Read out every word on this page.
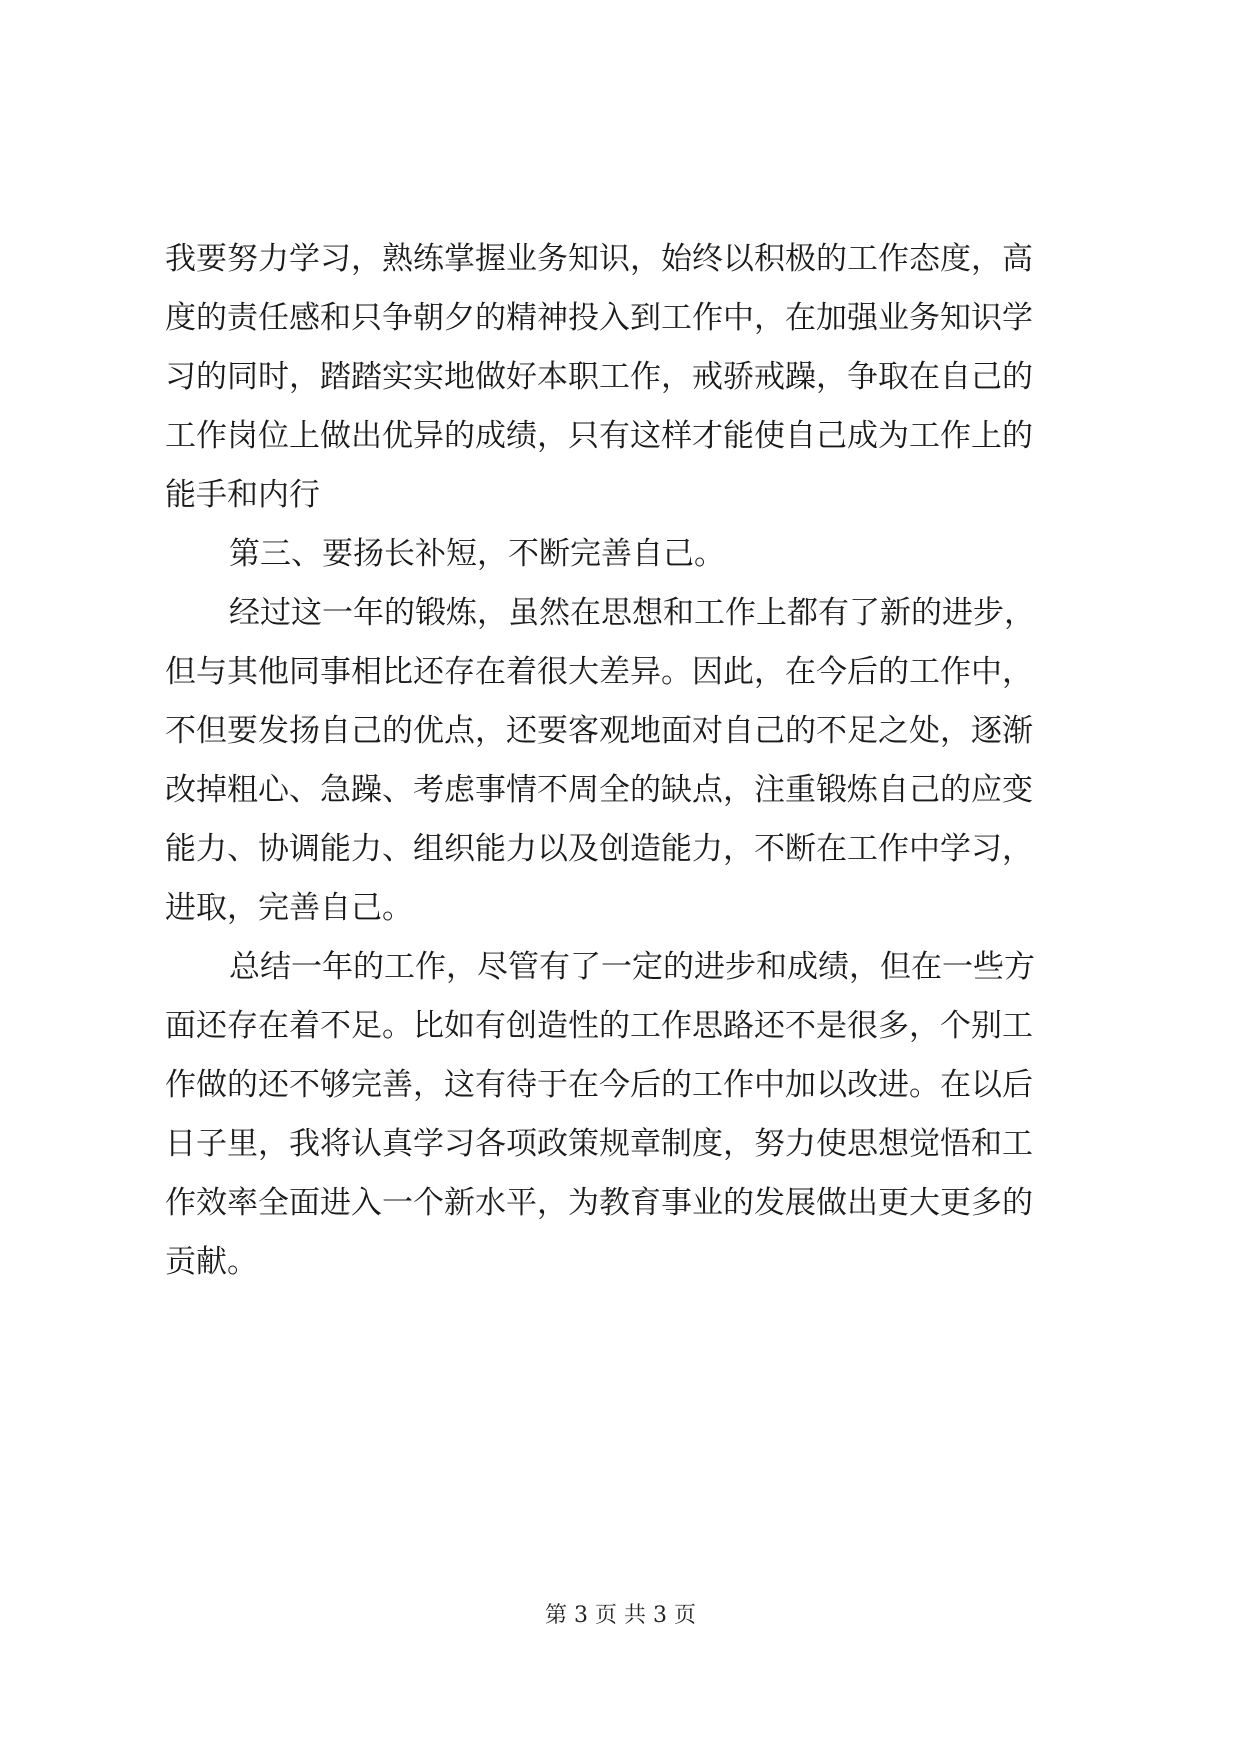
我要努力学习，熟练掌握业务知识，始终以积极的工作态度，高
度的责任感和只争朝夕的精神投入到工作中，在加强业务知识学
习的同时，踏踏实实地做好本职工作，戒骄戒躁，争取在自己的
工作岗位上做出优异的成绩，只有这样才能使自己成为工作上的
能手和内行
第三、要扬长补短，不断完善自己。
经过这一年的锻炼，虽然在思想和工作上都有了新的进步，
但与其他同事相比还存在着很大差异。因此，在今后的工作中，
不但要发扬自己的优点，还要客观地面对自己的不足之处，逐渐
改掉粗心、急躁、考虑事情不周全的缺点，注重锻炼自己的应变
能力、协调能力、组织能力以及创造能力，不断在工作中学习，
进取，完善自己。
总结一年的工作，尽管有了一定的进步和成绩，但在一些方
面还存在着不足。比如有创造性的工作思路还不是很多，个别工
作做的还不够完善，这有待于在今后的工作中加以改进。在以后
日子里，我将认真学习各项政策规章制度，努力使思想觉悟和工
作效率全面进入一个新水平，为教育事业的发展做出更大更多的
贡献。
第 3 页 共 3 页
